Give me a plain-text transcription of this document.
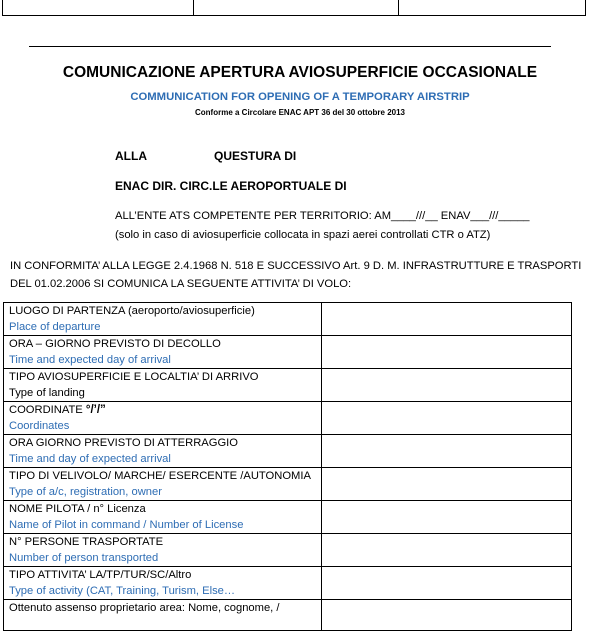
COMUNICAZIONE APERTURA AVIOSUPERFICIE OCCASIONALE
COMMUNICATION FOR OPENING OF A TEMPORARY AIRSTRIP
Conforme a Circolare ENAC APT 36 del 30 ottobre 2013
ALLA	QUESTURA DI
ENAC DIR. CIRC.LE AEROPORTUALE DI
ALL’ENTE ATS COMPETENTE PER TERRITORIO: AM____///__ ENAV___///_____
(solo in caso di aviosuperficie collocata in spazi aerei controllati CTR o ATZ)
IN CONFORMITA’ ALLA LEGGE 2.4.1968 N. 518 E SUCCESSIVO Art. 9 D. M. INFRASTRUTTURE E TRASPORTI
DEL 01.02.2006 SI COMUNICA LA SEGUENTE ATTIVITA’ DI VOLO:
LUOGO DI PARTENZA (aeroporto/aviosuperficie)
Place of departure	

ORA – GIORNO PREVISTO DI DECOLLO
Time and expected day of arrival	

TIPO AVIOSUPERFICIE E LOCALTIA’ DI ARRIVO
Type of landing	

COORDINATE °/’/”
Coordinates	

ORA GIORNO PREVISTO DI ATTERRAGGIO
Time and day of expected arrival	

TIPO DI VELIVOLO/ MARCHE/ ESERCENTE /AUTONOMIA
Type of a/c, registration, owner	

NOME PILOTA / n° Licenza
Name of Pilot in command / Number of License	

N° PERSONE TRASPORTATE
Number of person transported	

TIPO ATTIVITA’ LA/TP/TUR/SC/Altro
Type of activity (CAT, Training, Turism, Else…	

Ottenuto assenso proprietario area: Nome, cognome, /	
